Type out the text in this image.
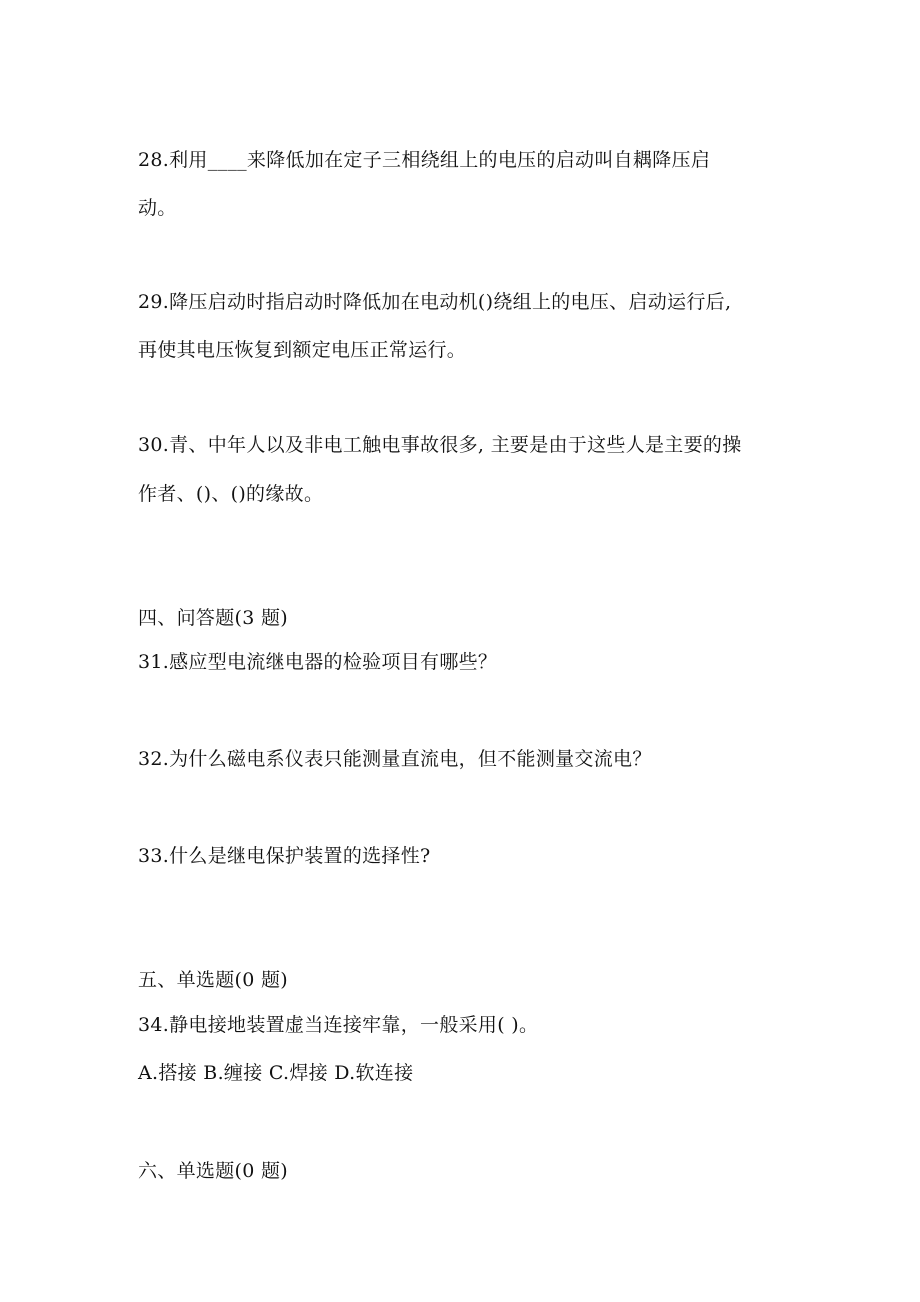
28.利用____来降低加在定子三相绕组上的电压的启动叫自耦降压启
动。
29.降压启动时指启动时降低加在电动机()绕组上的电压、启动运行后,
再使其电压恢复到额定电压正常运行。
30.青、中年人以及非电工触电事故很多, 主要是由于这些人是主要的操
作者、()、()的缘故。
四、问答题(3 题)
31.感应型电流继电器的检验项目有哪些？
32.为什么磁电系仪表只能测量直流电，但不能测量交流电？
33.什么是继电保护装置的选择性?
五、单选题(0 题)
34.静电接地装置虚当连接牢靠，一般采用( )。
A.搭接 B.缠接 C.焊接 D.软连接
六、单选题(0 题)
